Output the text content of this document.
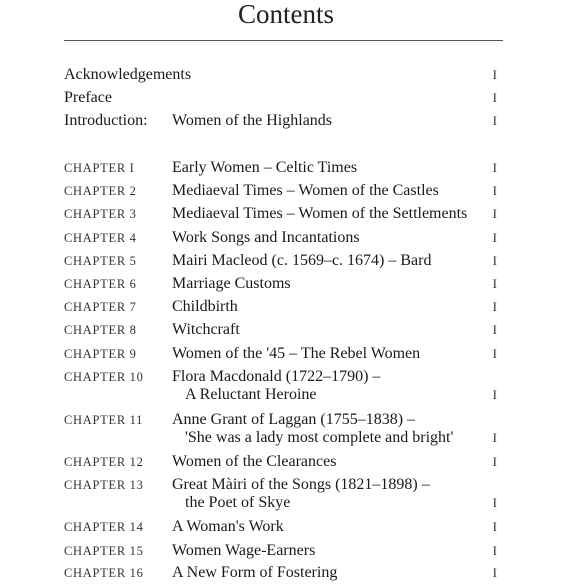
Contents
Acknowledgements	I
Preface	I
Introduction: Women of the Highlands	I
CHAPTER I Early Women – Celtic Times	I
CHAPTER 2 Mediaeval Times – Women of the Castles	I
CHAPTER 3 Mediaeval Times – Women of the Settlements I
CHAPTER 4 Work Songs and Incantations	I
CHAPTER 5 Mairi Macleod (c. 1569–c. 1674) – Bard	I
CHAPTER 6 Marriage Customs	I
CHAPTER 7 Childbirth	I
CHAPTER 8 Witchcraft	I
CHAPTER 9 Women of the '45 – The Rebel Women	I
CHAPTER 10 Flora Macdonald (1722–1790) –
A Reluctant Heroine	I
CHAPTER 11 Anne Grant of Laggan (1755–1838) –
'She was a lady most complete and bright'	I
CHAPTER 12 Women of the Clearances	I
CHAPTER 13 Great Màiri of the Songs (1821–1898) –
the Poet of Skye	I
CHAPTER 14 A Woman's Work	I
CHAPTER 15 Women Wage-Earners	I
CHAPTER 16 A New Form of Fostering	I
